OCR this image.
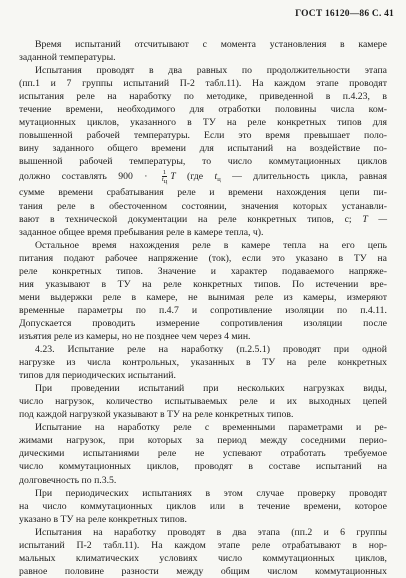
ГОСТ 16120—86 С. 41

Время испытаний отсчитывают с момента установления в камере
заданной температуры.

Испытания проводят в два равных по продолжительности этапа
(пп.1 и 7 группы испытаний П-2 табл.11). На каждом этапе проводят
испытания реле на наработку по методике, приведенной в п.4.23, в
течение времени, необходимого для отработки половины числа ком-
мутационных циклов, указанного в ТУ на реле конкретных типов для
повышенной рабочей температуры. Если это время превышает поло-
вину заданного общего времени для испытаний на воздействие по-
вышенной рабочей температуры, то число коммутационных циклов
должно составлять $900 \cdot \frac{1}{tц}$ T (где $t_ц$ — длительность цикла, равная
сумме времени срабатывания реле и времени нахождения цепи пи-
тания реле в обесточенном состоянии, значения которых устанавли-
вают в технической документации на реле конкретных типов, с; T —
заданное общее время пребывания реле в камере тепла, ч).

Остальное время нахождения реле в камере тепла на его цепь
питания подают рабочее напряжение (ток), если это указано в ТУ на
реле конкретных типов. Значение и характер подаваемого напряже-
ния указывают в ТУ на реле конкретных типов. По истечении вре-
мени выдержки реле в камере, не вынимая реле из камеры, измеряют
временные параметры по п.4.7 и сопротивление изоляции по п.4.11.
Допускается проводить измерение сопротивления изоляции после
изъятия реле из камеры, но не позднее чем через 4 мин.

4.23. Испытание реле на наработку (п.2.5.1) проводят при одной
нагрузке из числа контрольных, указанных в ТУ на реле конкретных
типов для периодических испытаний.

При проведении испытаний при нескольких нагрузках виды,
число нагрузок, количество испытываемых реле и их выходных цепей
под каждой нагрузкой указывают в ТУ на реле конкретных типов.

Испытание на наработку реле с временными параметрами и ре-
жимами нагрузок, при которых за период между соседними перио-
дическими испытаниями реле не успевают отработать требуемое
число коммутационных циклов, проводят в составе испытаний на
долговечность по п.3.5.

При периодических испытаниях в этом случае проверку проводят
на число коммутационных циклов или в течение времени, которое
указано в ТУ на реле конкретных типов.

Испытания на наработку проводят в два этапа (пп.2 и 6 группы
испытаний П-2 табл.11). На каждом этапе реле отрабатывают в нор-
мальных климатических условиях число коммутационных циклов,
равное половине разности между общим числом коммутационных
